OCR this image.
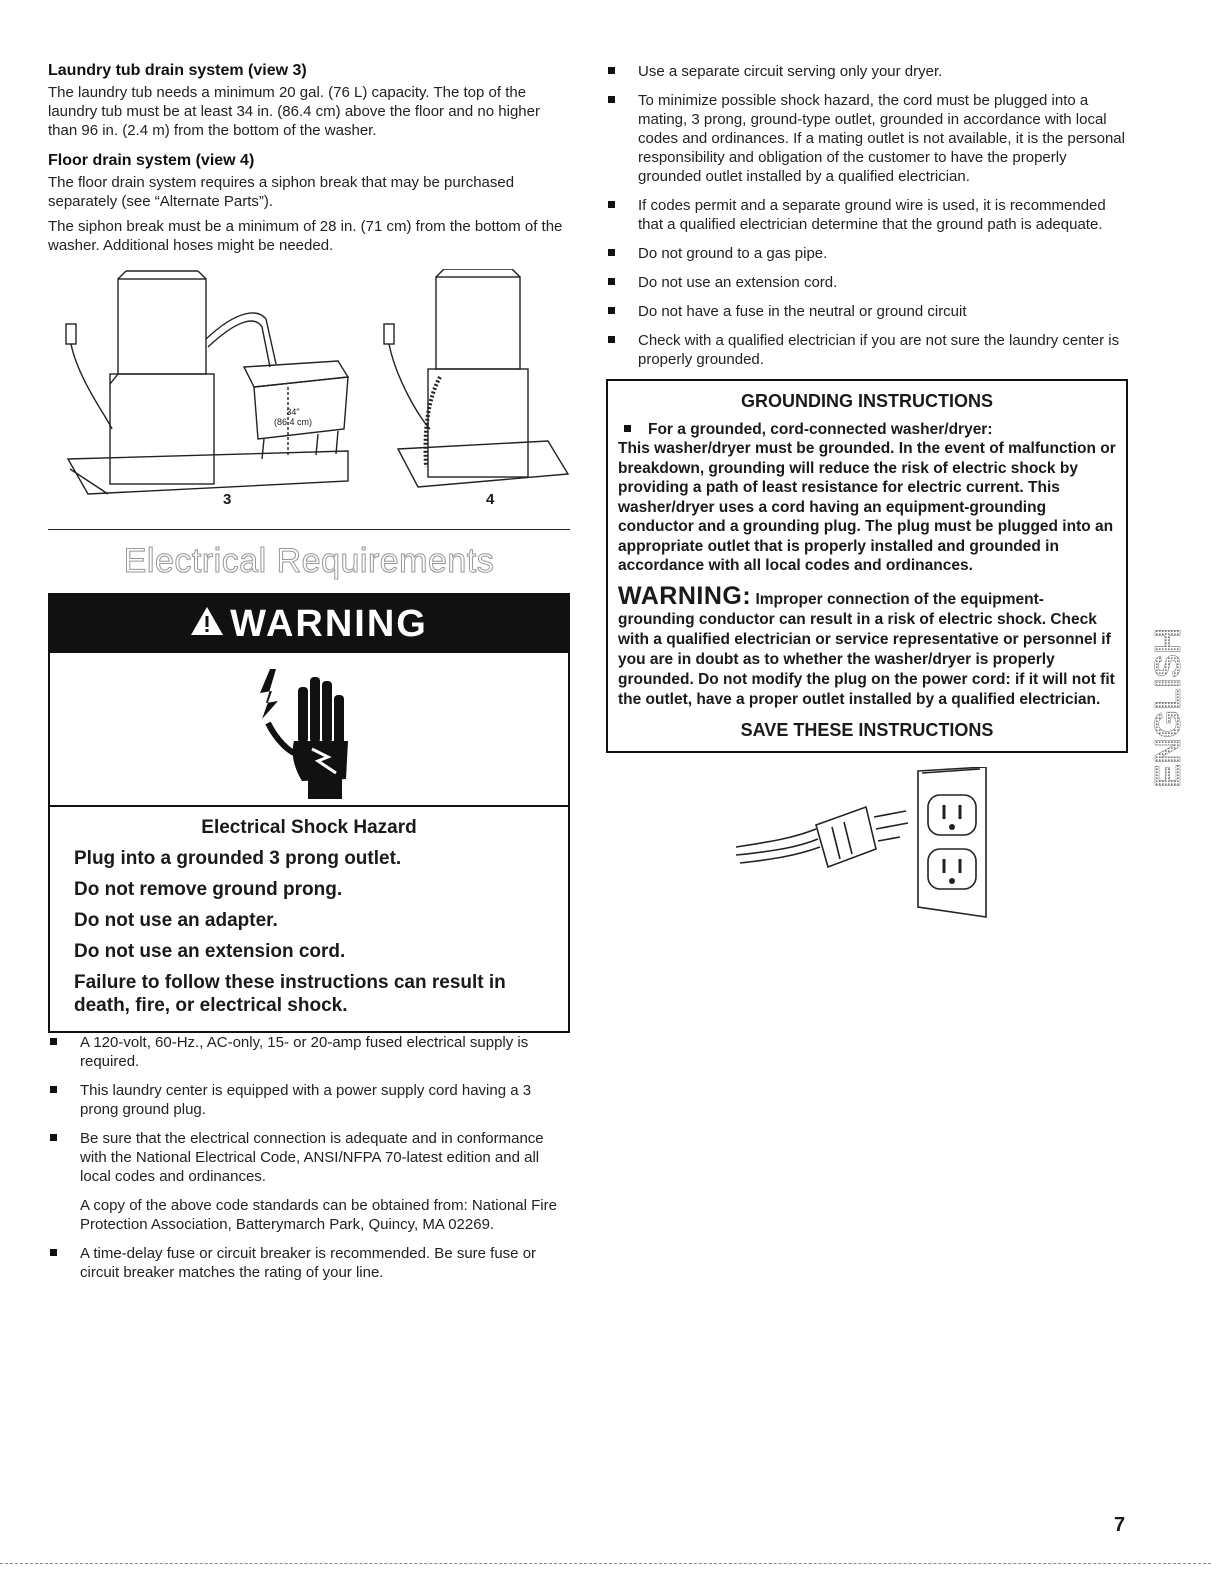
Laundry tub drain system (view 3)

The laundry tub needs a minimum 20 gal. (76 L) capacity. The top of the laundry tub must be at least 34 in. (86.4 cm) above the floor and no higher than 96 in. (2.4 m) from the bottom of the washer.

Floor drain system (view 4)

The floor drain system requires a siphon break that may be purchased separately (see “Alternate Parts”).

The siphon break must be a minimum of 28 in. (71 cm) from the bottom of the washer. Additional hoses might be needed.

3	4
34"
(86.4 cm)
Electrical Requirements
WARNING
Electrical Shock Hazard
Plug into a grounded 3 prong outlet.
Do not remove ground prong.
Do not use an adapter.
Do not use an extension cord.
Failure to follow these instructions can result in death, fire, or electrical shock.
A 120-volt, 60-Hz., AC-only, 15- or 20-amp fused electrical supply is required.
This laundry center is equipped with a power supply cord having a 3 prong ground plug.
Be sure that the electrical connection is adequate and in conformance with the National Electrical Code, ANSI/NFPA 70-latest edition and all local codes and ordinances.

A copy of the above code standards can be obtained from: National Fire Protection Association, Batterymarch Park, Quincy, MA 02269.

A time-delay fuse or circuit breaker is recommended. Be sure fuse or circuit breaker matches the rating of your line.
Use a separate circuit serving only your dryer.
To minimize possible shock hazard, the cord must be plugged into a mating, 3 prong, ground-type outlet, grounded in accordance with local codes and ordinances. If a mating outlet is not available, it is the personal responsibility and obligation of the customer to have the properly grounded outlet installed by a qualified electrician.
If codes permit and a separate ground wire is used, it is recommended that a qualified electrician determine that the ground path is adequate.
Do not ground to a gas pipe.
Do not use an extension cord.
Do not have a fuse in the neutral or ground circuit
Check with a qualified electrician if you are not sure the laundry center is properly grounded.
GROUNDING INSTRUCTIONS
For a grounded, cord-connected washer/dryer:

This washer/dryer must be grounded. In the event of malfunction or breakdown, grounding will reduce the risk of electric shock by providing a path of least resistance for electric current. This washer/dryer uses a cord having an equipment-grounding conductor and a grounding plug. The plug must be plugged into an appropriate outlet that is properly installed and grounded in accordance with all local codes and ordinances.

WARNING: Improper connection of the equipment-grounding conductor can result in a risk of electric shock. Check with a qualified electrician or service representative or personnel if you are in doubt as to whether the washer/dryer is properly grounded. Do not modify the plug on the power cord: if it will not fit the outlet, have a proper outlet installed by a qualified electrician.
SAVE THESE INSTRUCTIONS	ENGLISH
7
